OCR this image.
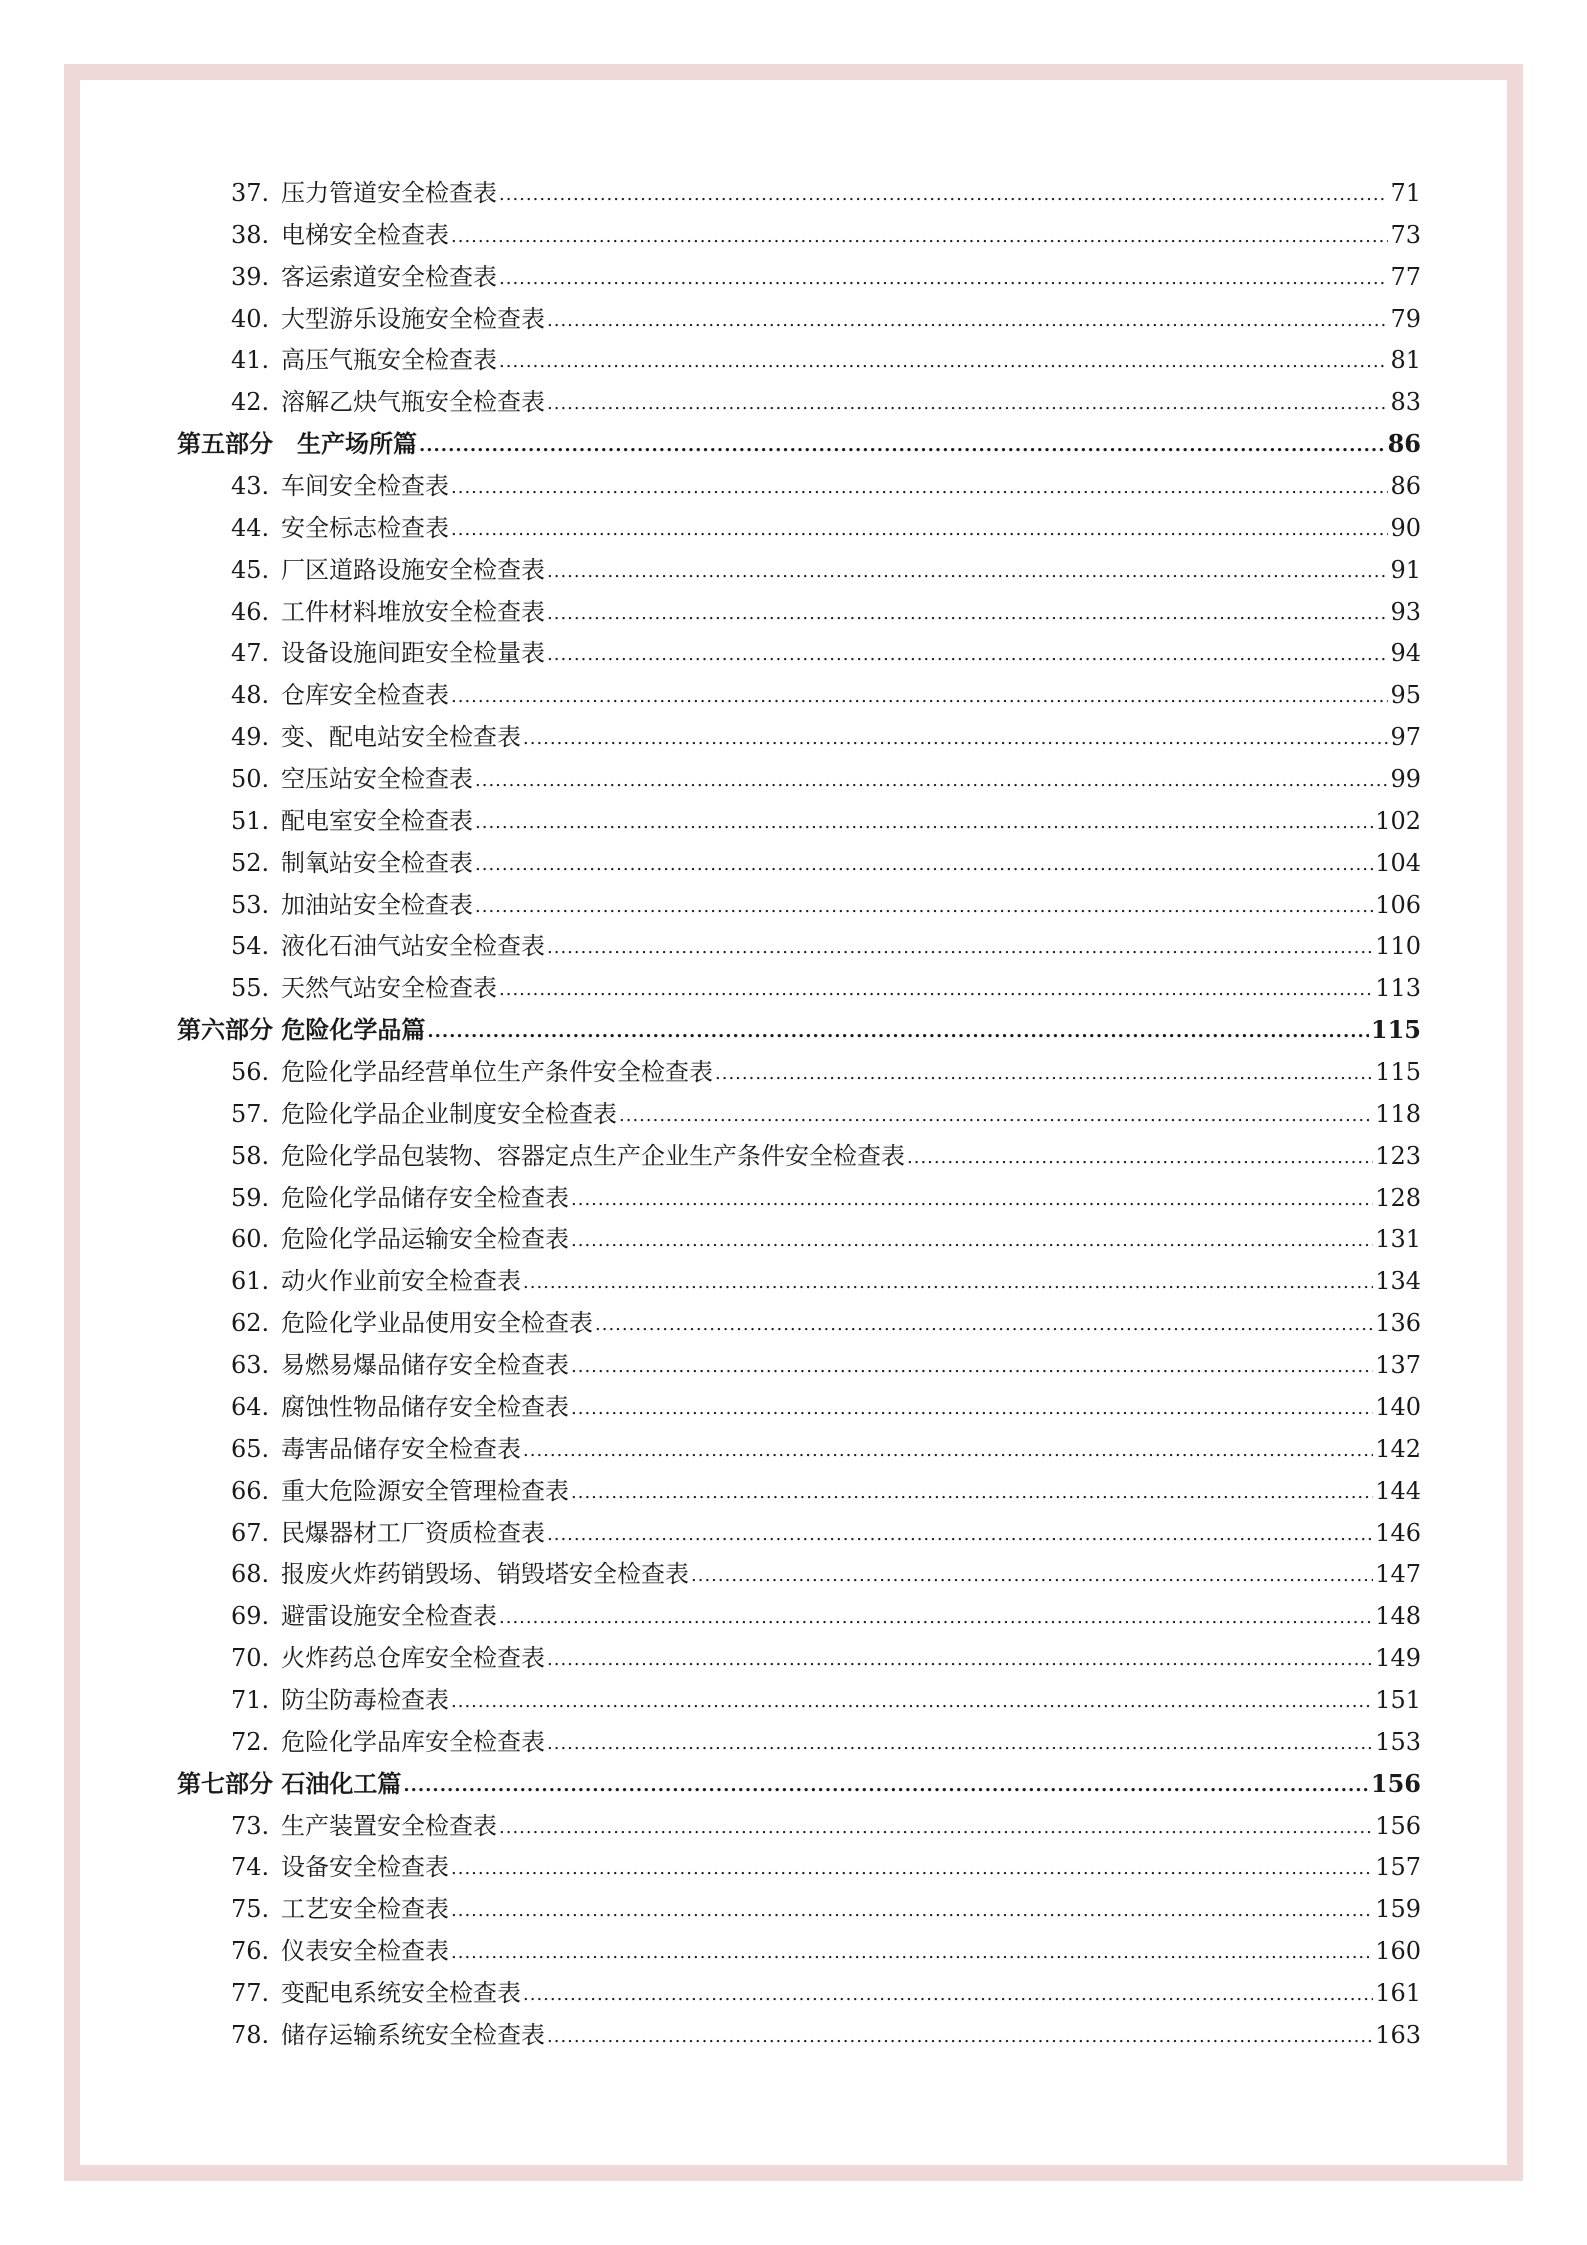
37. 压力管道安全检查表 .....	71
38. 电梯安全检查表 .....	73
39. 客运索道安全检查表 .....	77
40. 大型游乐设施安全检查表 .....	79
41. 高压气瓶安全检查表 .....	81
42. 溶解乙炔气瓶安全检查表 .....	83
第五部分　生产场所篇 .....	86
43. 车间安全检查表 .....	86
44. 安全标志检查表 .....	90
45. 厂区道路设施安全检查表 .....	91
46. 工件材料堆放安全检查表 .....	93
47. 设备设施间距安全检量表 .....	94
48. 仓库安全检查表 .....	95
49. 变、配电站安全检查表 .....	97
50. 空压站安全检查表 .....	99
51. 配电室安全检查表 .....	102
52. 制氧站安全检查表 .....	104
53. 加油站安全检查表 .....	106
54. 液化石油气站安全检查表 .....	110
55. 天然气站安全检查表 .....	113
第六部分 危险化学品篇 .....	115
56. 危险化学品经营单位生产条件安全检查表 .....	115
57. 危险化学品企业制度安全检查表 .....	118
58. 危险化学品包装物、容器定点生产企业生产条件安全检查表 .....	123
59. 危险化学品储存安全检查表 .....	128
60. 危险化学品运输安全检查表 .....	131
61. 动火作业前安全检查表 .....	134
62. 危险化学业品使用安全检查表 .....	136
63. 易燃易爆品储存安全检查表 .....	137
64. 腐蚀性物品储存安全检查表 .....	140
65. 毒害品储存安全检查表 .....	142
66. 重大危险源安全管理检查表 .....	144
67. 民爆器材工厂资质检查表 .....	146
68. 报废火炸药销毁场、销毁塔安全检查表 .....	147
69. 避雷设施安全检查表 .....	148
70. 火炸药总仓库安全检查表 .....	149
71. 防尘防毒检查表 .....	151
72. 危险化学品库安全检查表 .....	153
第七部分 石油化工篇 .....	156
73. 生产装置安全检查表 .....	156
74. 设备安全检查表 .....	157
75. 工艺安全检查表 .....	159
76. 仪表安全检查表 .....	160
77. 变配电系统安全检查表 .....	161
78. 储存运输系统安全检查表 .....	163
